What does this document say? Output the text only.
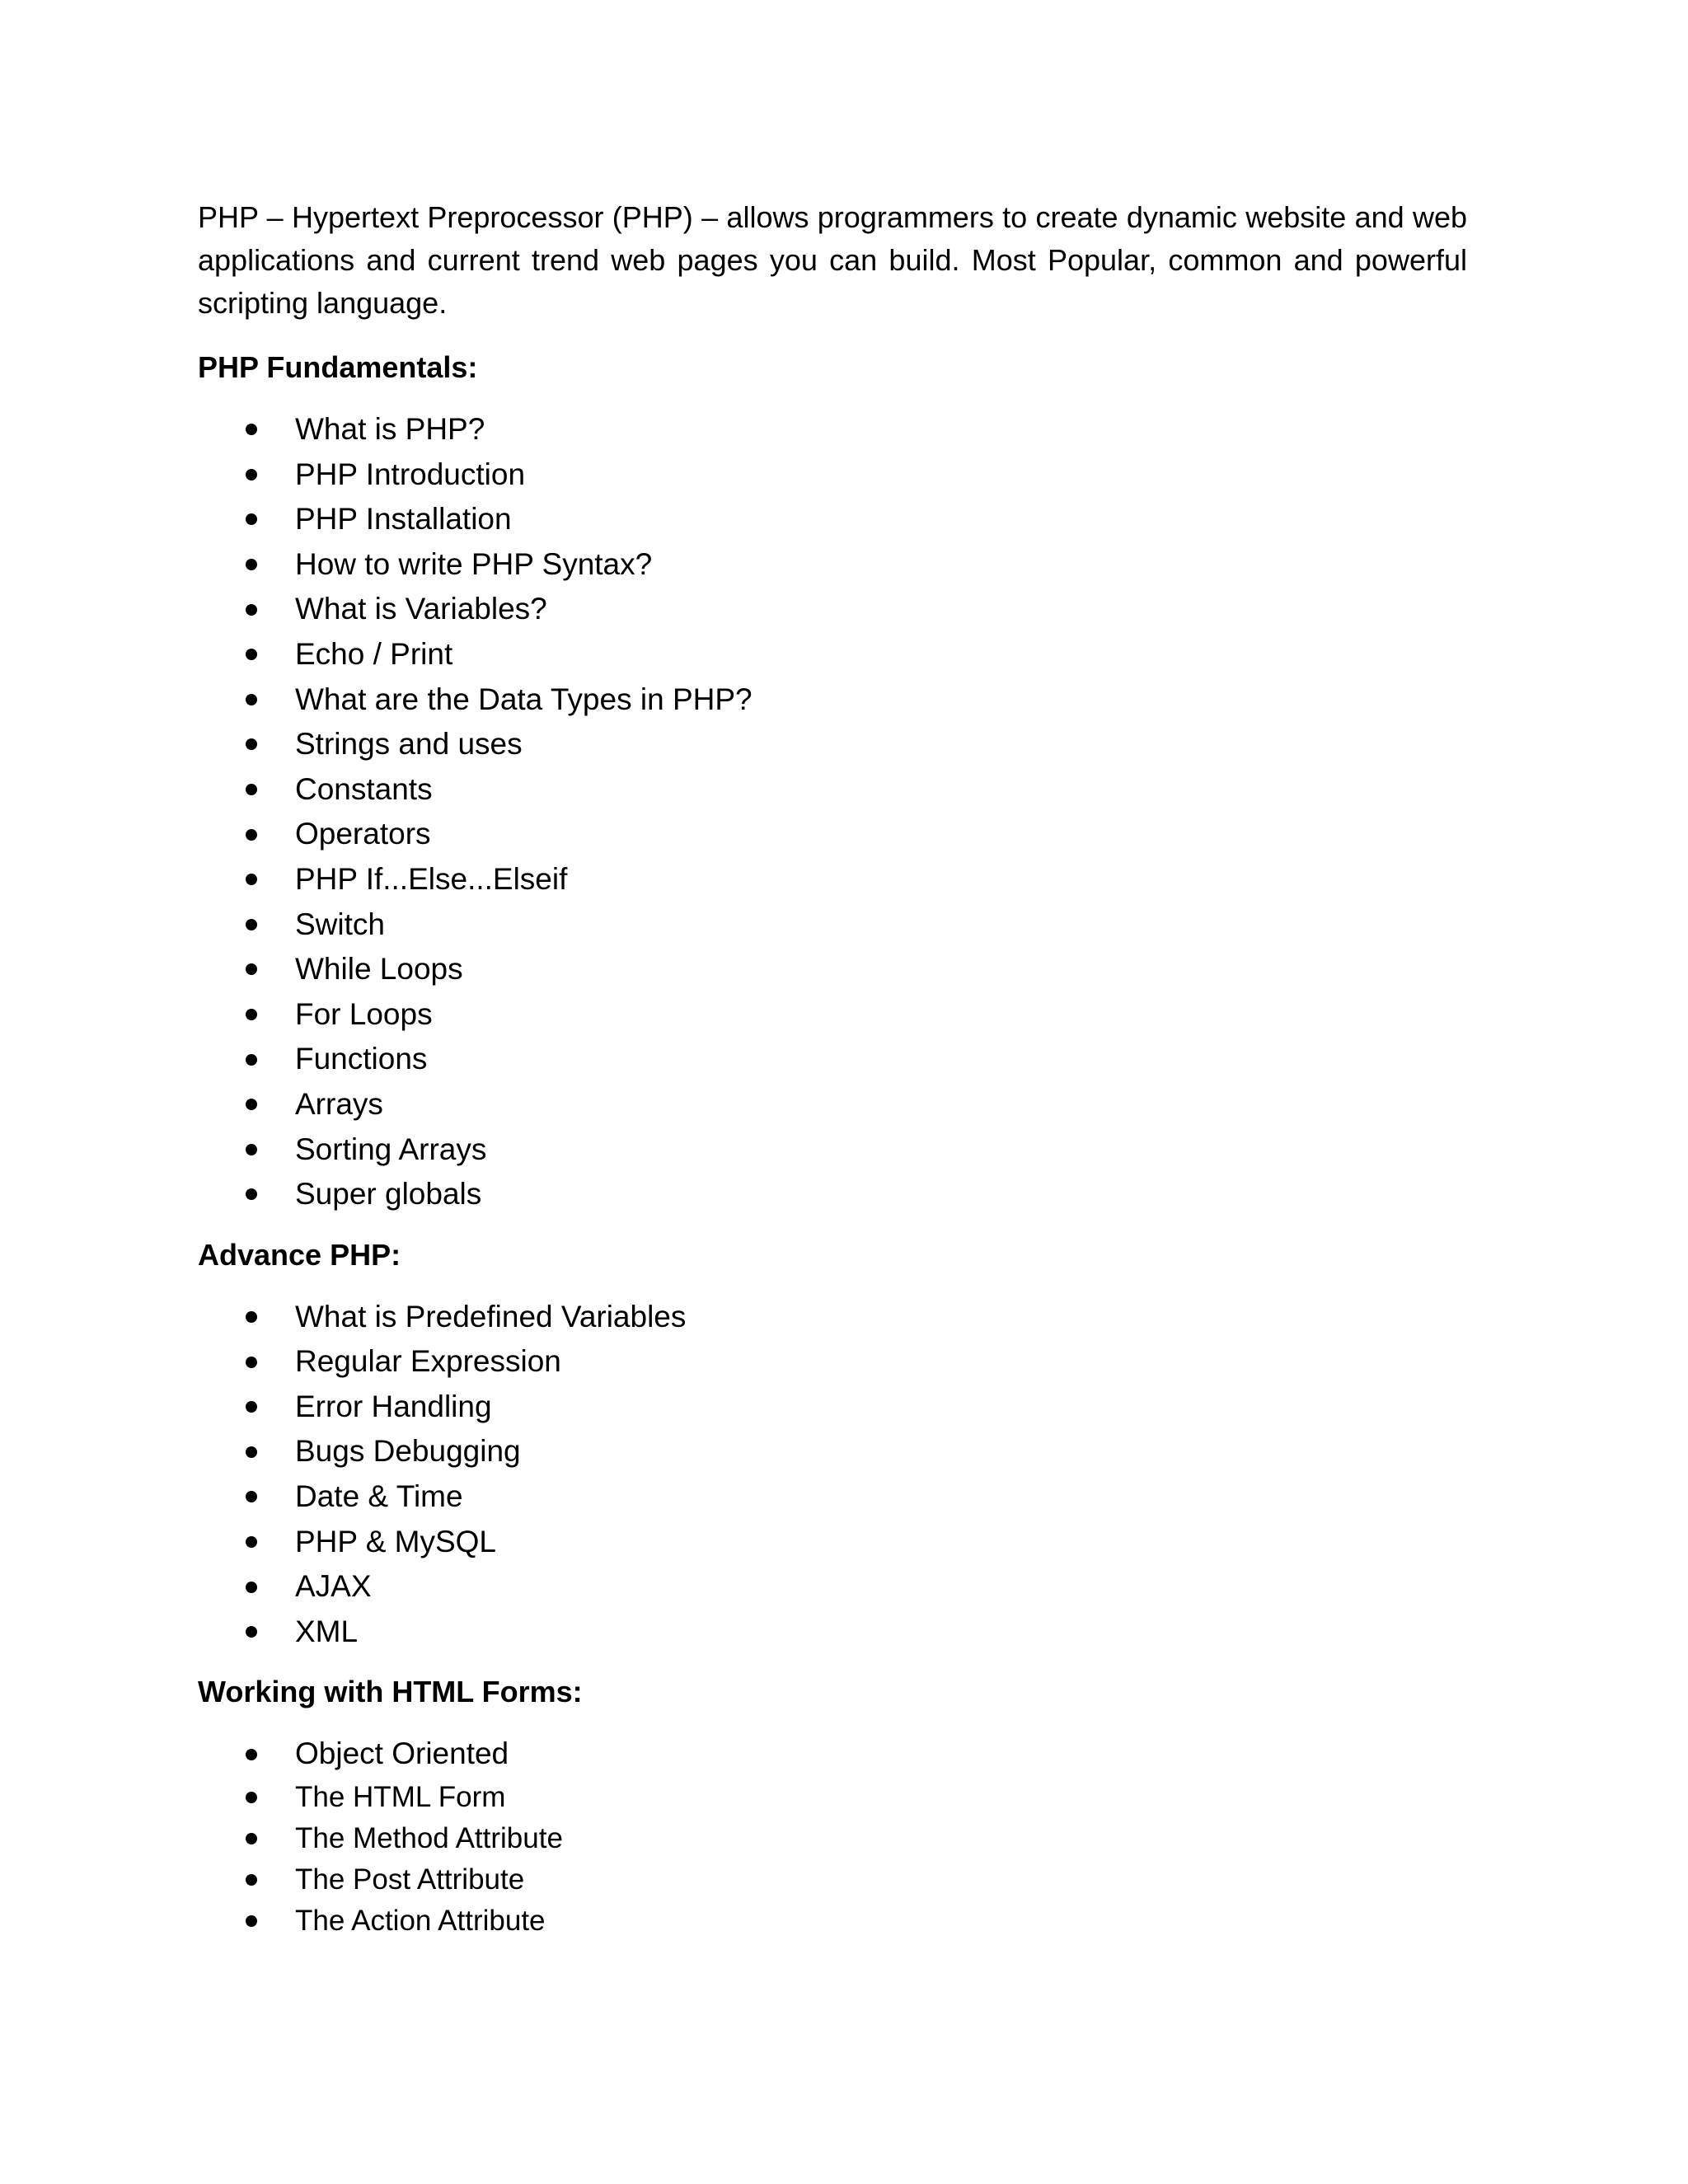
PHP – Hypertext Preprocessor (PHP) – allows programmers to create dynamic website and web applications and current trend web pages you can build. Most Popular, common and powerful scripting language.

PHP Fundamentals:
What is PHP?
PHP Introduction
PHP Installation
How to write PHP Syntax?
What is Variables?
Echo / Print
What are the Data Types in PHP?
Strings and uses
Constants
Operators
PHP If...Else...Elseif
Switch
While Loops
For Loops
Functions
Arrays
Sorting Arrays
Super globals
Advance PHP:
What is Predefined Variables
Regular Expression
Error Handling
Bugs Debugging
Date & Time
PHP & MySQL
AJAX
XML
Working with HTML Forms:
Object Oriented
The HTML Form
The Method Attribute
The Post Attribute
The Action Attribute
